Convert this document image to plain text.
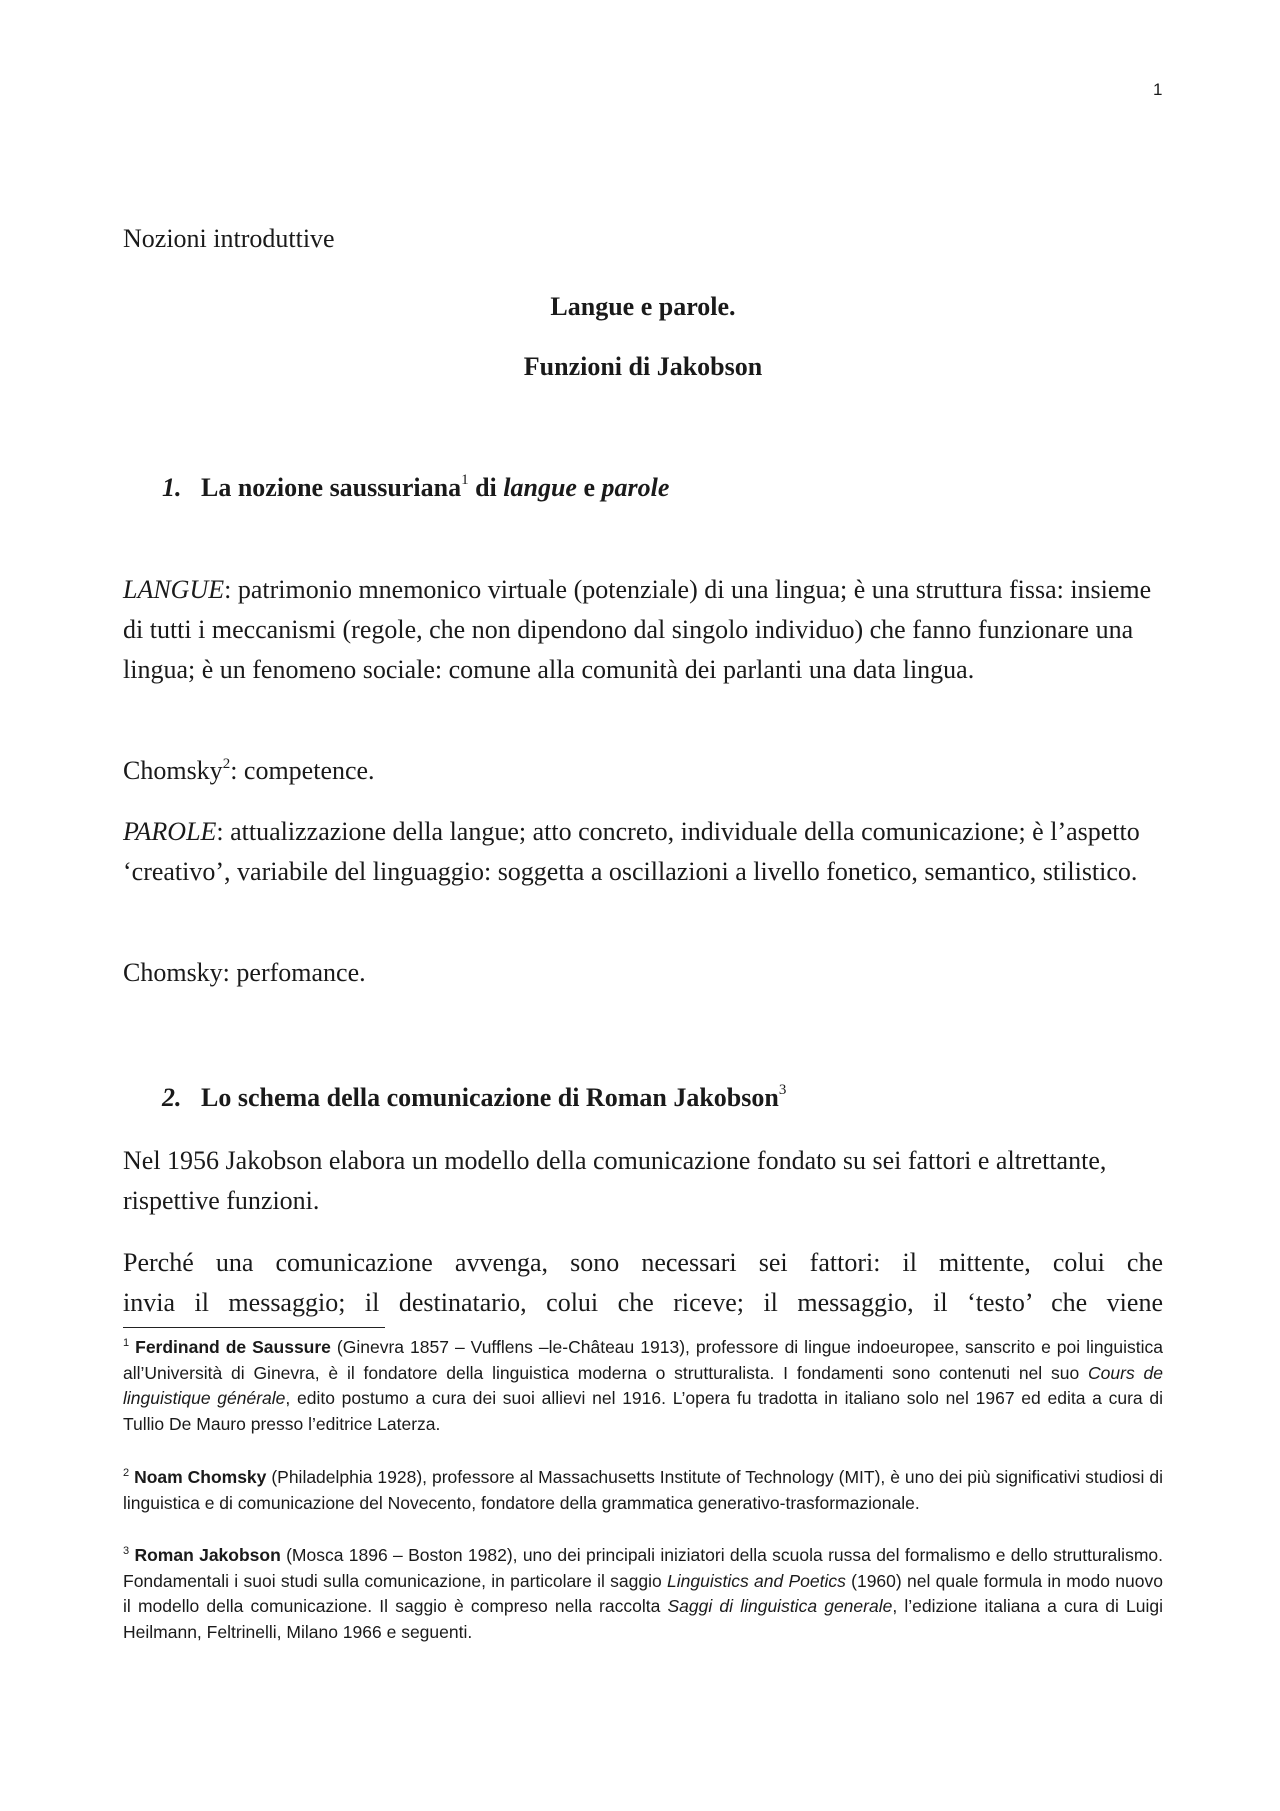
1
Nozioni introduttive
Langue e parole.
Funzioni di Jakobson
1. La nozione saussuriana$^1$ di langue e parole
LANGUE: patrimonio mnemonico virtuale (potenziale) di una lingua; è una struttura fissa: insieme di tutti i meccanismi (regole, che non dipendono dal singolo individuo) che fanno funzionare una lingua; è un fenomeno sociale: comune alla comunità dei parlanti una data lingua.
Chomsky$^2$: competence.
PAROLE: attualizzazione della langue; atto concreto, individuale della comunicazione; è l’aspetto ‘creativo’, variabile del linguaggio: soggetta a oscillazioni a livello fonetico, semantico, stilistico.
Chomsky: perfomance.
2. Lo schema della comunicazione di Roman Jakobson$^3$
Nel 1956 Jakobson elabora un modello della comunicazione fondato su sei fattori e altrettante, rispettive funzioni.
Perché una comunicazione avvenga, sono necessari sei fattori: il mittente, colui che
invia il messaggio; il destinatario, colui che riceve; il messaggio, il ‘testo’ che viene
$^1$ Ferdinand de Saussure (Ginevra 1857 – Vufflens –le-Château 1913), professore di lingue indoeuropee, sanscrito e poi linguistica all’Università di Ginevra, è il fondatore della linguistica moderna o strutturalista. I fondamenti sono contenuti nel suo Cours de linguistique générale, edito postumo a cura dei suoi allievi nel 1916. L’opera fu tradotta in italiano solo nel 1967 ed edita a cura di Tullio De Mauro presso l’editrice Laterza.
$^2$ Noam Chomsky (Philadelphia 1928), professore al Massachusetts Institute of Technology (MIT), è uno dei più significativi studiosi di linguistica e di comunicazione del Novecento, fondatore della grammatica generativo-trasformazionale.
$^3$ Roman Jakobson (Mosca 1896 – Boston 1982), uno dei principali iniziatori della scuola russa del formalismo e dello strutturalismo. Fondamentali i suoi studi sulla comunicazione, in particolare il saggio Linguistics and Poetics (1960) nel quale formula in modo nuovo il modello della comunicazione. Il saggio è compreso nella raccolta Saggi di linguistica generale, l’edizione italiana a cura di Luigi Heilmann, Feltrinelli, Milano 1966 e seguenti.
